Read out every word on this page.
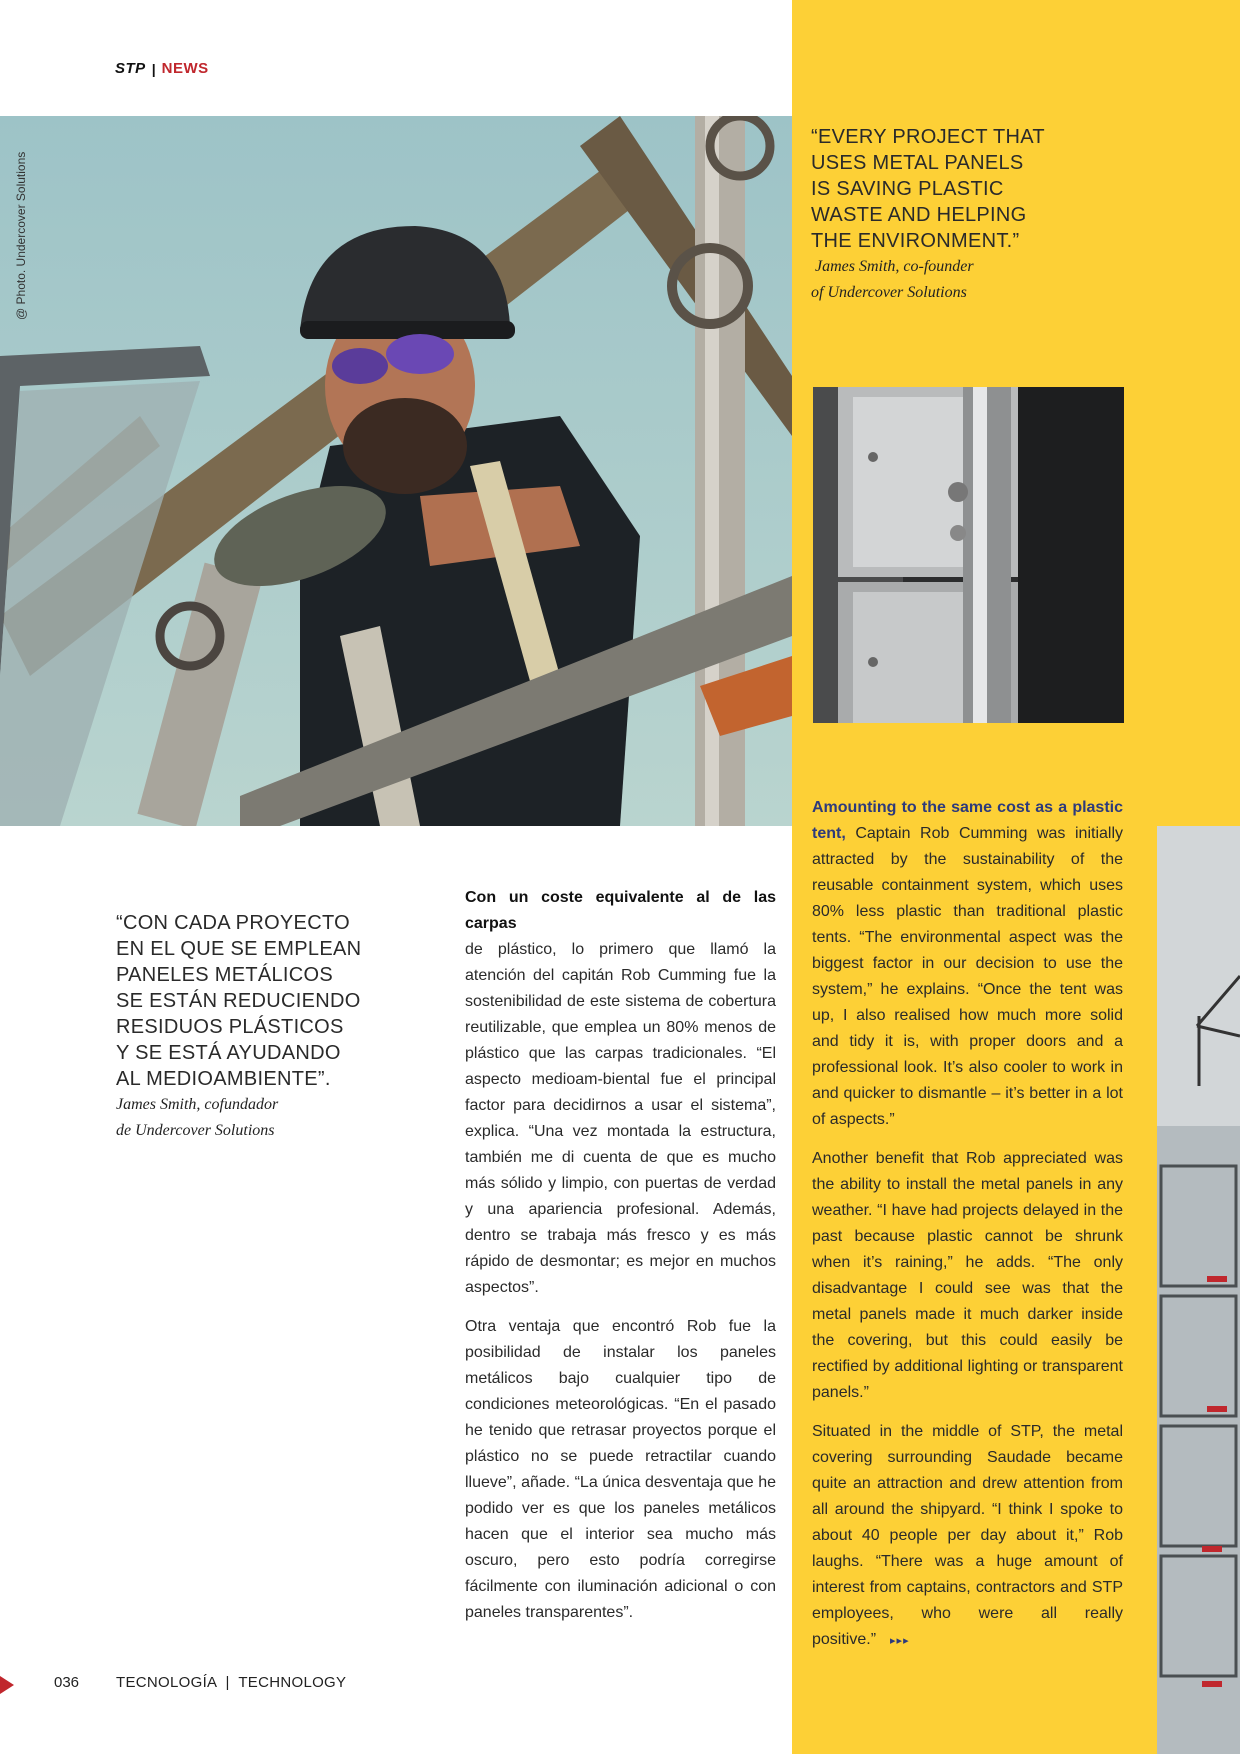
STP | NEWS
@ Photo. Undercover Solutions
“EVERY PROJECT THAT
USES METAL PANELS
IS SAVING PLASTIC
WASTE AND HELPING
THE ENVIRONMENT.”
James Smith, co-founder
of Undercover Solutions
“CON CADA PROYECTO
EN EL QUE SE EMPLEAN
PANELES METÁLICOS
SE ESTÁN REDUCIENDO
RESIDUOS PLÁSTICOS
Y SE ESTÁ AYUDANDO
AL MEDIOAMBIENTE”.
James Smith, cofundador
de Undercover Solutions
Con un coste equivalente al de las carpas

de plástico, lo primero que llamó la atención del capitán Rob Cumming fue la sostenibilidad de este sistema de cobertura reutilizable, que emplea un 80% menos de plástico que las carpas tradicionales. “El aspecto medioam-biental fue el principal factor para decidirnos a usar el sistema”, explica. “Una vez montada la estructura, también me di cuenta de que es mucho más sólido y limpio, con puertas de verdad y una apariencia profesional. Además, dentro se trabaja más fresco y es más rápido de desmontar; es mejor en muchos aspectos”.

Otra ventaja que encontró Rob fue la posibilidad de instalar los paneles metálicos bajo cualquier tipo de condiciones meteorológicas. “En el pasado he tenido que retrasar proyectos porque el plástico no se puede retractilar cuando llueve”, añade. “La única desventaja que he podido ver es que los paneles metálicos hacen que el interior sea mucho más oscuro, pero esto podría corregirse fácilmente con iluminación adicional o con paneles transparentes”.

Amounting to the same cost as a plastic tent, Captain Rob Cumming was initially attracted by the sustainability of the reusable containment system, which uses 80% less plastic than traditional plastic tents. “The environmental aspect was the biggest factor in our decision to use the system,” he explains. “Once the tent was up, I also realised how much more solid and tidy it is, with proper doors and a professional look. It’s also cooler to work in and quicker to dismantle – it’s better in a lot of aspects.”

Another benefit that Rob appreciated was the ability to install the metal panels in any weather. “I have had projects delayed in the past because plastic cannot be shrunk when it’s raining,” he adds. “The only disadvantage I could see was that the metal panels made it much darker inside the covering, but this could easily be rectified by additional lighting or transparent panels.”

Situated in the middle of STP, the metal covering surrounding Saudade became quite an attraction and drew attention from all around the shipyard. “I think I spoke to about 40 people per day about it,” Rob laughs. “There was a huge amount of interest from captains, contractors and STP employees, who were all really positive.” ▸▸▸

036 TECNOLOGÍA  |  TECHNOLOGY
